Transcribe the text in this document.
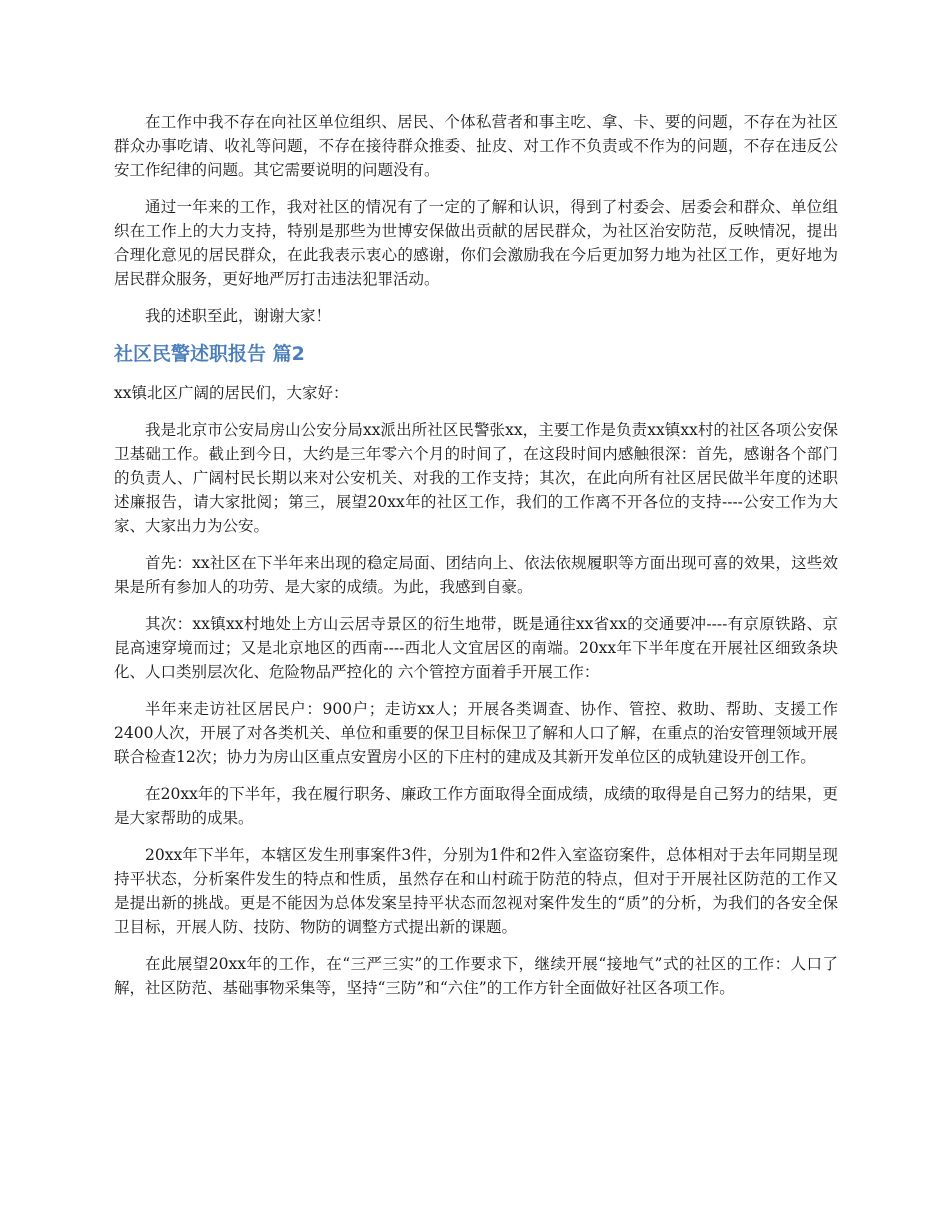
在工作中我不存在向社区单位组织、居民、个体私营者和事主吃、拿、卡、要的问题，不存在为社区群众办事吃请、收礼等问题，不存在接待群众推委、扯皮、对工作不负责或不作为的问题，不存在违反公安工作纪律的问题。其它需要说明的问题没有。

通过一年来的工作，我对社区的情况有了一定的了解和认识，得到了村委会、居委会和群众、单位组织在工作上的大力支持，特别是那些为世博安保做出贡献的居民群众，为社区治安防范，反映情况，提出合理化意见的居民群众，在此我表示衷心的感谢，你们会激励我在今后更加努力地为社区工作，更好地为居民群众服务，更好地严厉打击违法犯罪活动。

我的述职至此，谢谢大家！

社区民警述职报告 篇2

xx镇北区广阔的居民们，大家好：

我是北京市公安局房山公安分局xx派出所社区民警张xx，主要工作是负责xx镇xx村的社区各项公安保卫基础工作。截止到今日，大约是三年零六个月的时间了，在这段时间内感触很深：首先，感谢各个部门的负责人、广阔村民长期以来对公安机关、对我的工作支持；其次，在此向所有社区居民做半年度的述职述廉报告，请大家批阅；第三，展望20xx年的社区工作，我们的工作离不开各位的支持----公安工作为大家、大家出力为公安。

首先：xx社区在下半年来出现的稳定局面、团结向上、依法依规履职等方面出现可喜的效果，这些效果是所有参加人的功劳、是大家的成绩。为此，我感到自豪。

其次：xx镇xx村地处上方山云居寺景区的衍生地带，既是通往xx省xx的交通要冲----有京原铁路、京昆高速穿境而过；又是北京地区的西南----西北人文宜居区的南端。20xx年下半年度在开展社区细致条块化、人口类别层次化、危险物品严控化的 六个管控方面着手开展工作：

半年来走访社区居民户：900户；走访xx人；开展各类调查、协作、管控、救助、帮助、支援工作2400人次，开展了对各类机关、单位和重要的保卫目标保卫了解和人口了解，在重点的治安管理领域开展联合检查12次；协力为房山区重点安置房小区的下庄村的建成及其新开发单位区的成轨建设开创工作。

在20xx年的下半年，我在履行职务、廉政工作方面取得全面成绩，成绩的取得是自己努力的结果，更是大家帮助的成果。

20xx年下半年，本辖区发生刑事案件3件，分别为1件和2件入室盗窃案件，总体相对于去年同期呈现持平状态，分析案件发生的特点和性质，虽然存在和山村疏于防范的特点，但对于开展社区防范的工作又是提出新的挑战。更是不能因为总体发案呈持平状态而忽视对案件发生的“质”的分析，为我们的各安全保卫目标，开展人防、技防、物防的调整方式提出新的课题。

在此展望20xx年的工作，在“三严三实”的工作要求下，继续开展“接地气”式的社区的工作：人口了解，社区防范、基础事物采集等，坚持“三防”和“六住”的工作方针全面做好社区各项工作。
